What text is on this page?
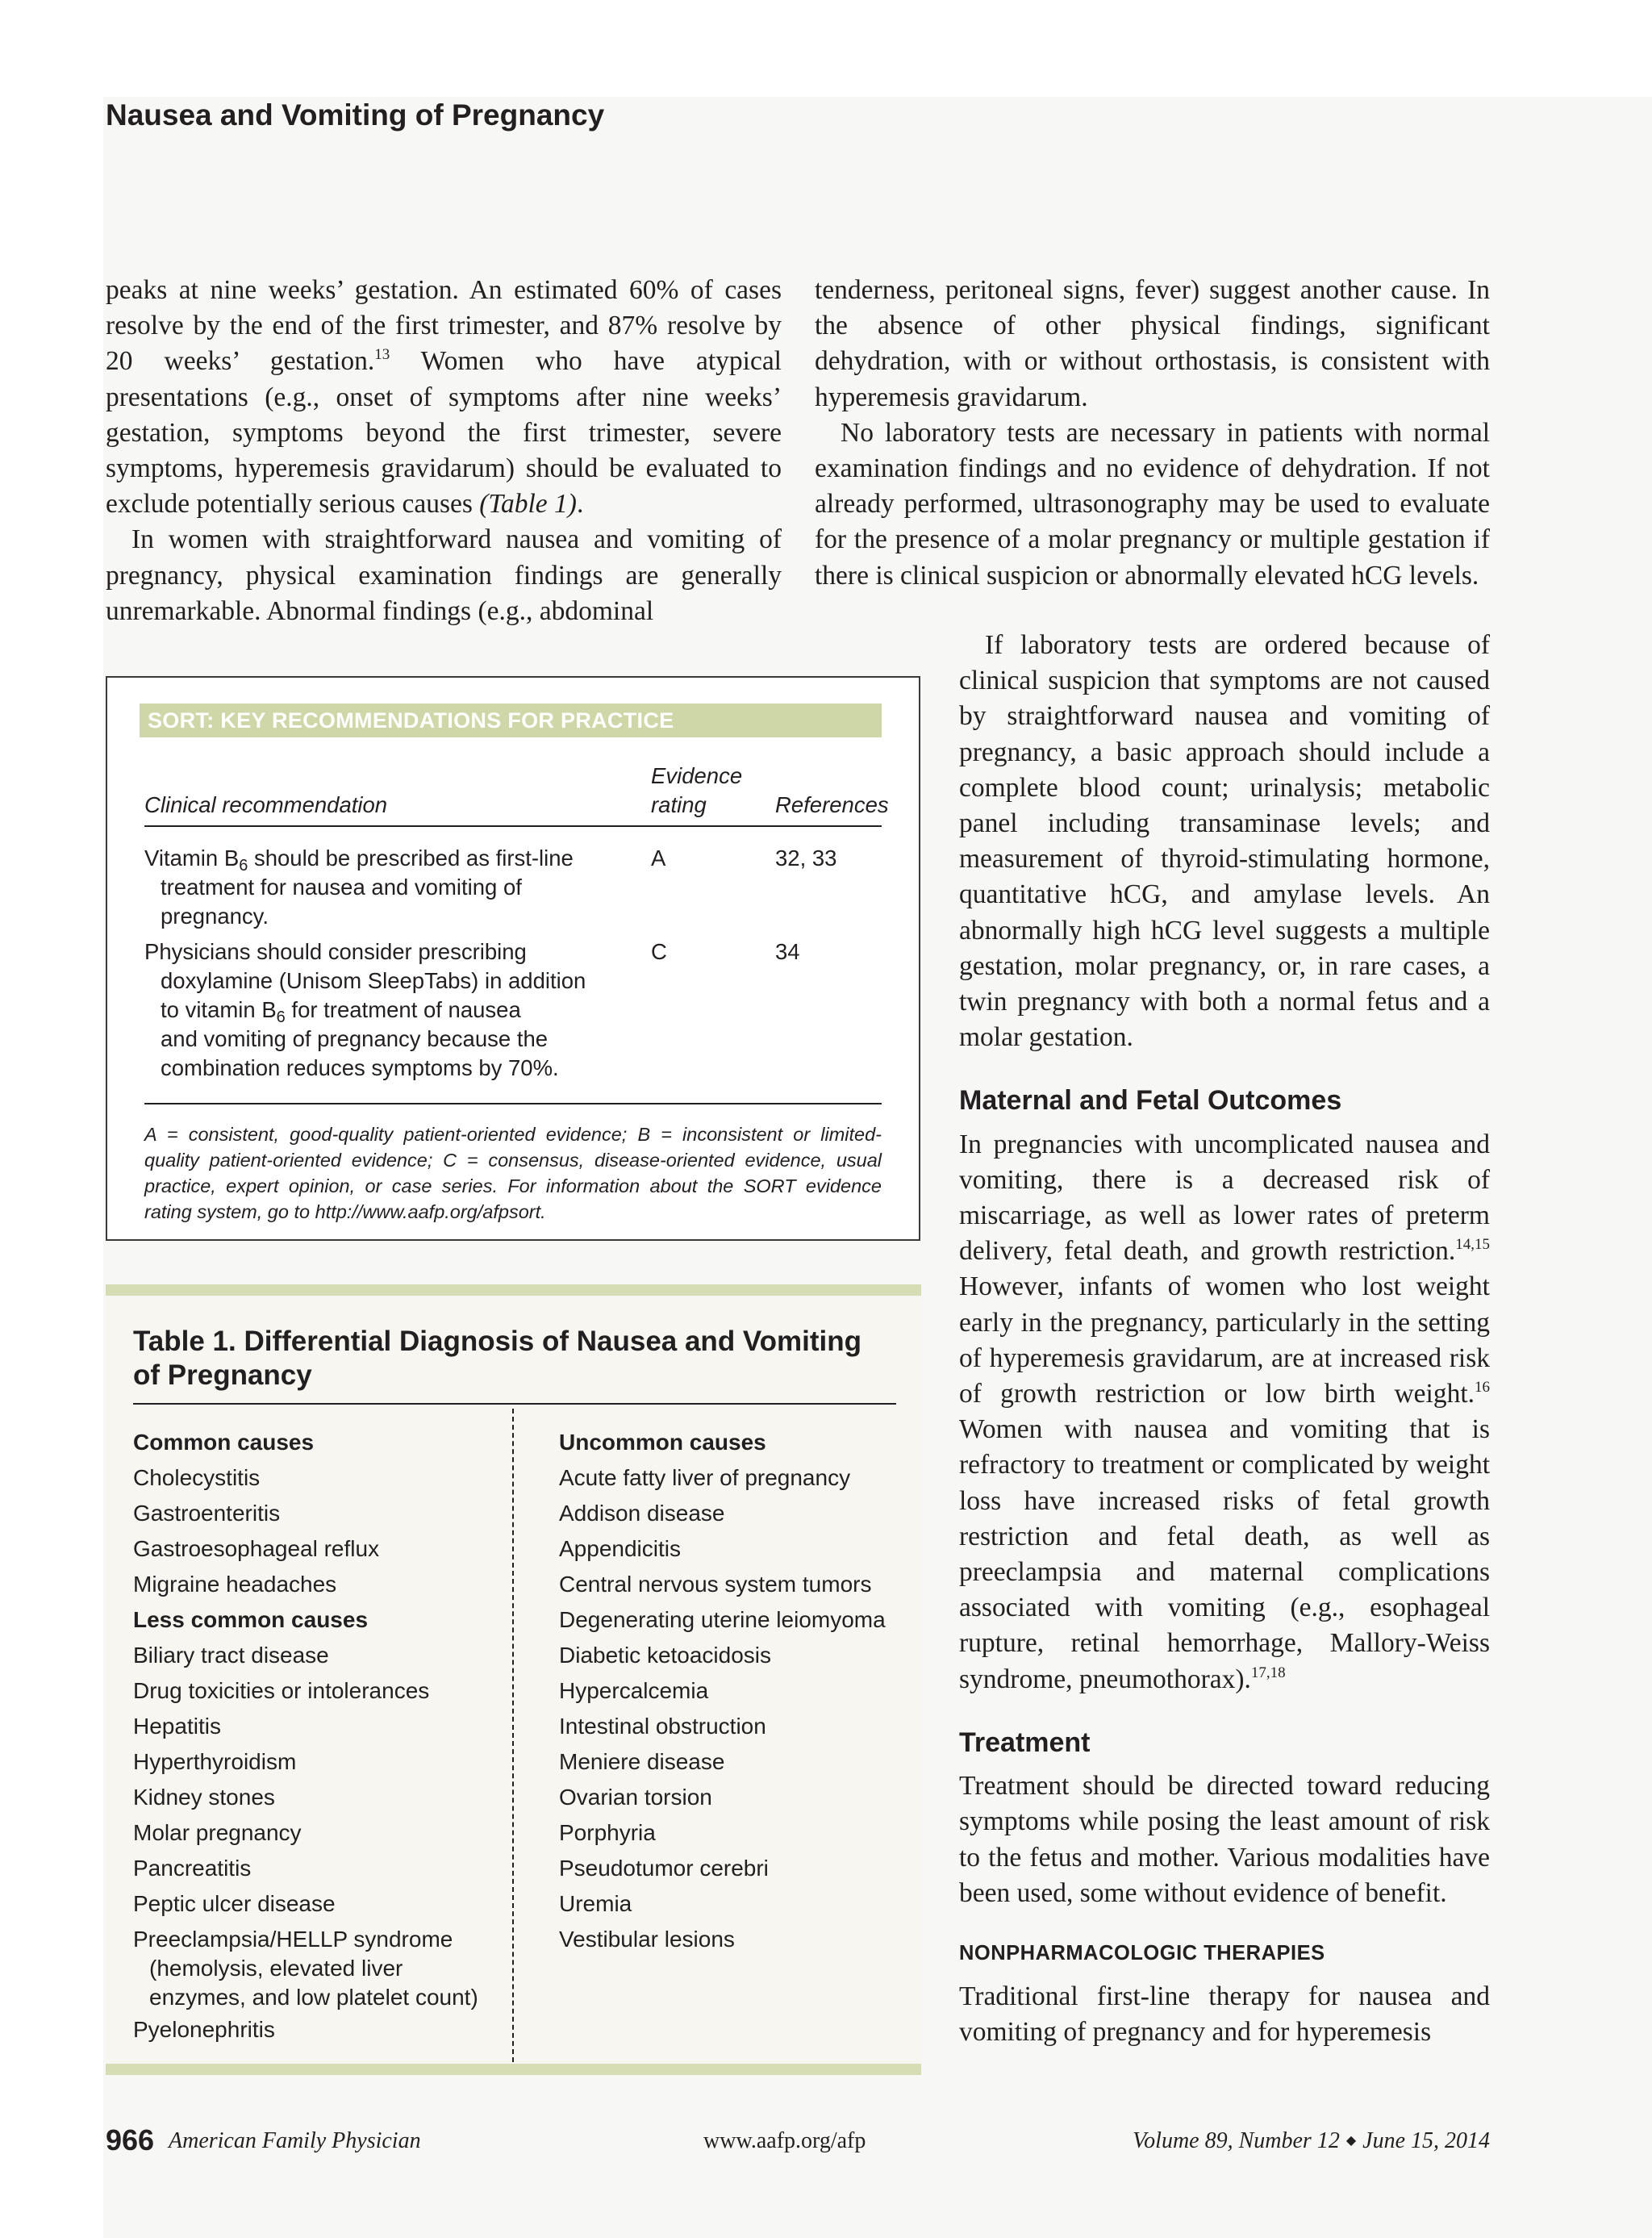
Nausea and Vomiting of Pregnancy

peaks at nine weeks’ gestation. An estimated 60% of cases resolve by the end of the first trimester, and 87% resolve by 20 weeks’ gestation.$^{13}$ Women who have atypical presentations (e.g., onset of symptoms after nine weeks’ gestation, symptoms beyond the first trimester, severe symptoms, hyperemesis gravidarum) should be evaluated to exclude potentially serious causes (Table 1).

In women with straightforward nausea and vomiting of pregnancy, physical examination findings are generally unremarkable. Abnormal findings (e.g., abdominal

tenderness, peritoneal signs, fever) suggest another cause. In the absence of other physical findings, significant dehydration, with or without orthostasis, is consistent with hyperemesis gravidarum.

No laboratory tests are necessary in patients with normal examination findings and no evidence of dehydration. If not already performed, ultrasonography may be used to evaluate for the presence of a molar pregnancy or multiple gestation if there is clinical suspicion or abnormally elevated hCG levels.

If laboratory tests are ordered because of clinical suspicion that symptoms are not caused by straightforward nausea and vomiting of pregnancy, a basic approach should include a complete blood count; urinalysis; metabolic panel including transaminase levels; and measurement of thyroid-stimulating hormone, quantitative hCG, and amylase levels. An abnormally high hCG level suggests a multiple gestation, molar pregnancy, or, in rare cases, a twin pregnancy with both a normal fetus and a molar gestation.

Maternal and Fetal Outcomes

In pregnancies with uncomplicated nausea and vomiting, there is a decreased risk of miscarriage, as well as lower rates of preterm delivery, fetal death, and growth restriction.$^{14,15}$ However, infants of women who lost weight early in the pregnancy, particularly in the setting of hyperemesis gravidarum, are at increased risk of growth restriction or low birth weight.$^{16}$ Women with nausea and vomiting that is refractory to treatment or complicated by weight loss have increased risks of fetal growth restriction and fetal death, as well as preeclampsia and maternal complications associated with vomiting (e.g., esophageal rupture, retinal hemorrhage, Mallory-Weiss syndrome, pneumothorax).$^{17,18}$

Treatment

Treatment should be directed toward reducing symptoms while posing the least amount of risk to the fetus and mother. Various modalities have been used, some without evidence of benefit.

NONPHARMACOLOGIC THERAPIES

Traditional first-line therapy for nausea and vomiting of pregnancy and for hyperemesis

SORT: KEY RECOMMENDATIONS FOR PRACTICE
Clinical recommendation
Evidence
rating	References
Vitamin $B_6$ should be prescribed as first-line
treatment for nausea and vomiting of
pregnancy.
A	32, 33
Physicians should consider prescribing
doxylamine (Unisom SleepTabs) in addition
to vitamin $B_6$ for treatment of nausea
and vomiting of pregnancy because the
combination reduces symptoms by 70%.
C	34
A = consistent, good-quality patient-oriented evidence; B = inconsistent or limited-quality patient-oriented evidence; C = consensus, disease-oriented evidence, usual practice, expert opinion, or case series. For information about the SORT evidence rating system, go to http://www.aafp.org/afpsort.
Table 1. Differential Diagnosis of Nausea and Vomiting of Pregnancy
Common causes
Cholecystitis
Gastroenteritis
Gastroesophageal reflux
Migraine headaches
Less common causes
Biliary tract disease
Drug toxicities or intolerances
Hepatitis
Hyperthyroidism
Kidney stones
Molar pregnancy
Pancreatitis
Peptic ulcer disease
Preeclampsia/HELLP syndrome
(hemolysis, elevated liver
enzymes, and low platelet count)
Pyelonephritis
Uncommon causes
Acute fatty liver of pregnancy
Addison disease
Appendicitis
Central nervous system tumors
Degenerating uterine leiomyoma
Diabetic ketoacidosis
Hypercalcemia
Intestinal obstruction
Meniere disease
Ovarian torsion
Porphyria
Pseudotumor cerebri
Uremia
Vestibular lesions
966 American Family Physician	www.aafp.org/afp	Volume 89, Number 12 ◆ June 15, 2014
